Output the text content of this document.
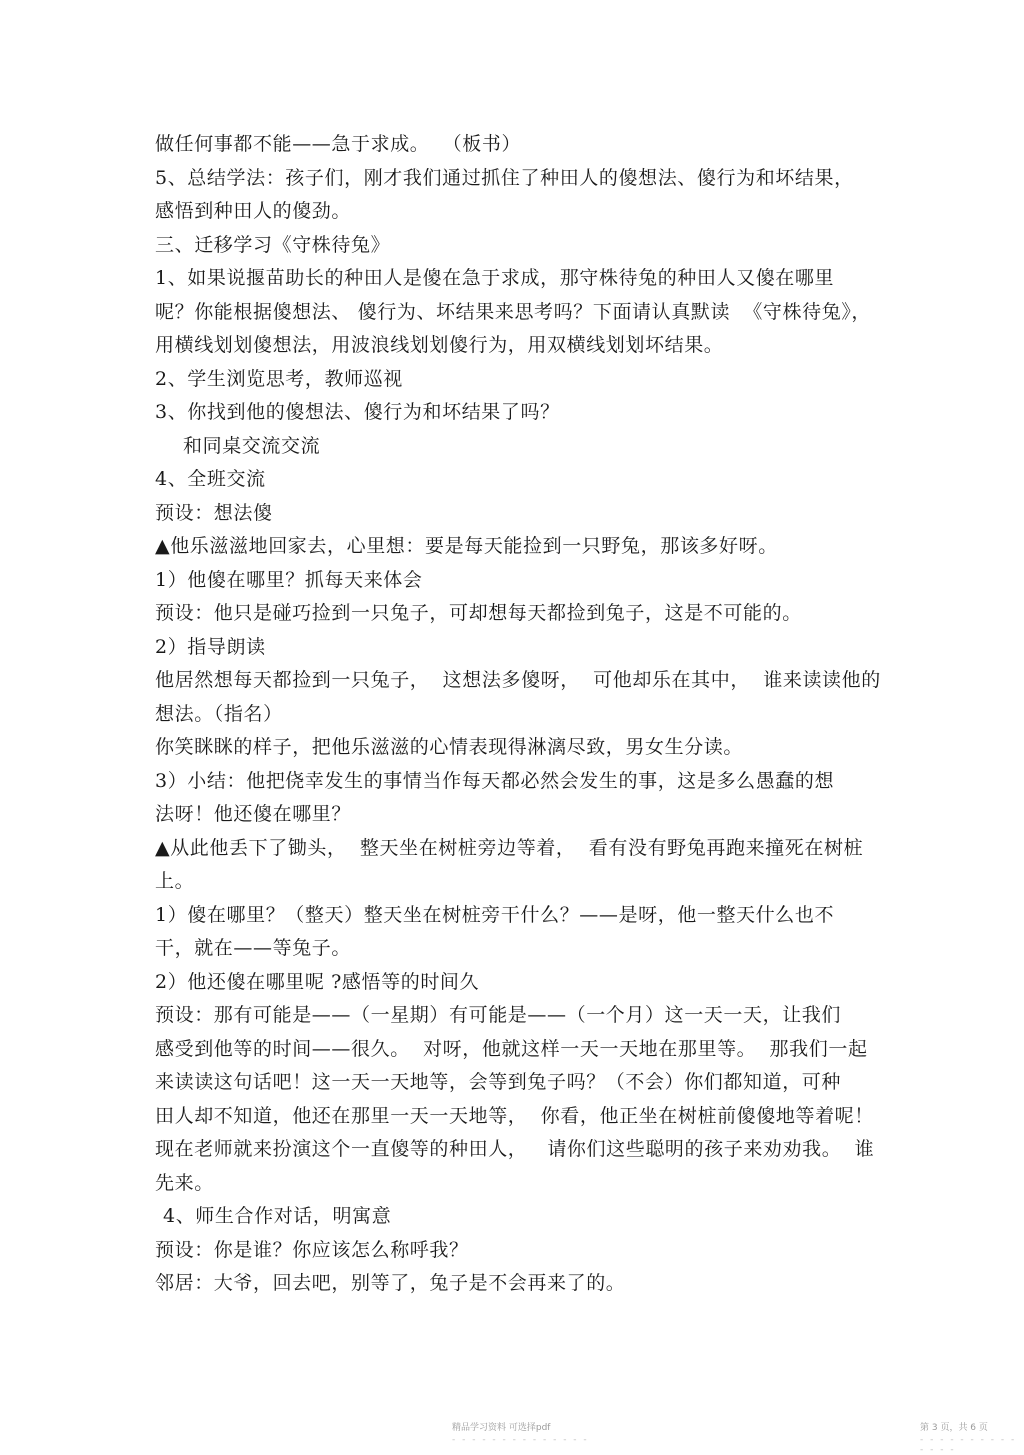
做任何事都不能——急于求成。  （板书）
5、总结学法：孩子们，刚才我们通过抓住了种田人的傻想法、傻行为和坏结果，
感悟到种田人的傻劲。
三、迁移学习《守株待兔》
1、如果说揠苗助长的种田人是傻在急于求成，那守株待兔的种田人又傻在哪里
呢？你能根据傻想法、 傻行为、坏结果来思考吗？下面请认真默读  《守株待兔》，
用横线划划傻想法，用波浪线划划傻行为，用双横线划划坏结果。
2、学生浏览思考，教师巡视
3、你找到他的傻想法、傻行为和坏结果了吗？
和同桌交流交流
4、全班交流
预设：想法傻
▲他乐滋滋地回家去，心里想：要是每天能捡到一只野兔，那该多好呀。
1）他傻在哪里？抓每天来体会
预设：他只是碰巧捡到一只兔子，可却想每天都捡到兔子，这是不可能的。
2）指导朗读
他居然想每天都捡到一只兔子，  这想法多傻呀，  可他却乐在其中，  谁来读读他的
想法。（指名）
你笑眯眯的样子，把他乐滋滋的心情表现得淋漓尽致，男女生分读。
3）小结：他把侥幸发生的事情当作每天都必然会发生的事，这是多么愚蠢的想
法呀！他还傻在哪里？
▲从此他丢下了锄头，  整天坐在树桩旁边等着，  看有没有野兔再跑来撞死在树桩
上。
1）傻在哪里？（整天）整天坐在树桩旁干什么？——是呀，他一整天什么也不
干，就在——等兔子。
2）他还傻在哪里呢 ?感悟等的时间久
预设：那有可能是——（一星期）有可能是——（一个月）这一天一天，让我们
感受到他等的时间——很久。  对呀，他就这样一天一天地在那里等。  那我们一起
来读读这句话吧！这一天一天地等，会等到兔子吗？（不会）你们都知道，可种
田人却不知道，他还在那里一天一天地等，  你看，他正坐在树桩前傻傻地等着呢！
现在老师就来扮演这个一直傻等的种田人，   请你们这些聪明的孩子来劝劝我。  谁
先来。
4、师生合作对话，明寓意
预设：你是谁？你应该怎么称呼我？
邻居：大爷，回去吧，别等了，兔子是不会再来了的。
精品学习资料 可选择pdf
- - - - - - - - - - - - - -
第 3 页，共 6 页
- - - - - - - - - - - - - -
